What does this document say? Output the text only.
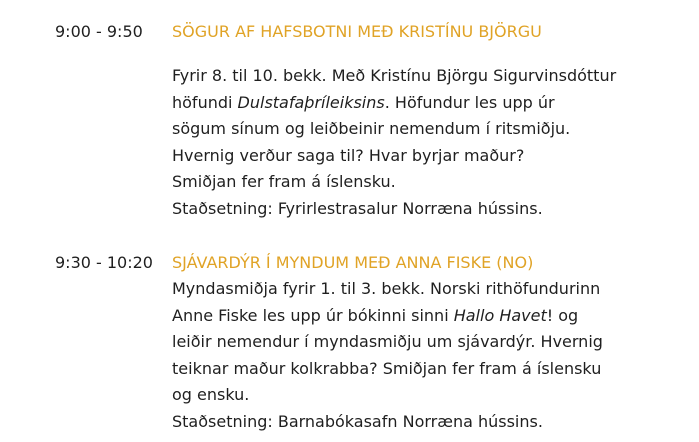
9:00 - 9:50 SÖGUR AF HAFSBOTNI MEÐ KRISTÍNU BJÖRGU
Fyrir 8. til 10. bekk. Með Kristínu Björgu Sigurvinsdóttur
höfundi Dulstafaþríleiksins. Höfundur les upp úr
sögum sínum og leiðbeinir nemendum í ritsmiðju.
Hvernig verður saga til? Hvar byrjar maður?
Smiðjan fer fram á íslensku.
Staðsetning: Fyrirlestrasalur Norræna hússins.
9:30 - 10:20 SJÁVARDÝR Í MYNDUM MEÐ ANNA FISKE (NO)
Myndasmiðja fyrir 1. til 3. bekk. Norski rithöfundurinn
Anne Fiske les upp úr bókinni sinni Hallo Havet! og
leiðir nemendur í myndasmiðju um sjávardýr. Hvernig
teiknar maður kolkrabba? Smiðjan fer fram á íslensku
og ensku.
Staðsetning: Barnabókasafn Norræna hússins.
